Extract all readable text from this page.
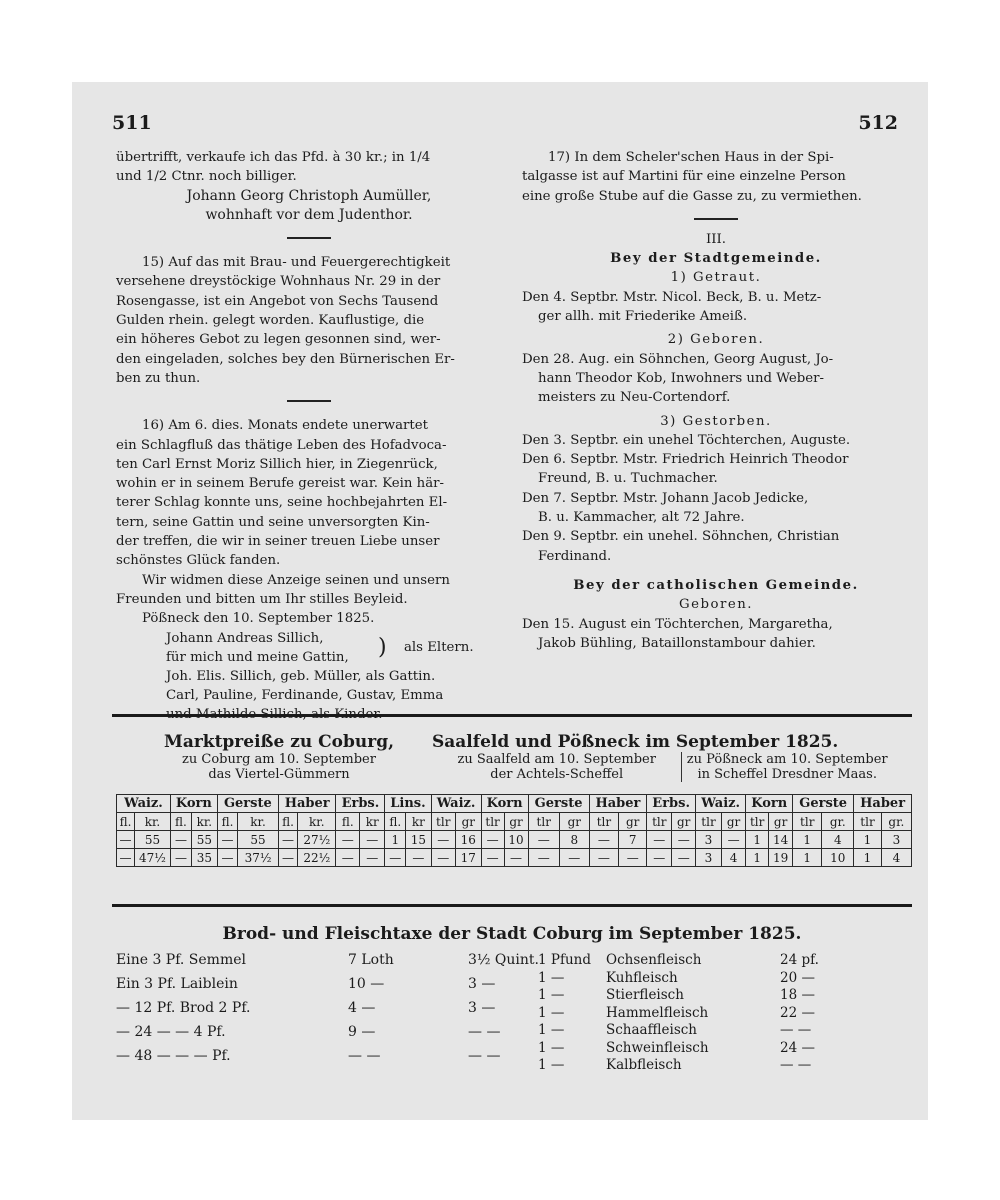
511	512

übertrifft, verkaufe ich das Pfd. à 30 kr.; in 1/4

und 1/2 Ctnr. noch billiger.

Johann Georg Christoph Aumüller,

wohnhaft vor dem Judenthor.

15) Auf das mit Brau- und Feuergerechtigkeit

versehene dreystöckige Wohnhaus Nr. 29 in der

Rosengasse, ist ein Angebot von Sechs Tausend

Gulden rhein. gelegt worden. Kauflustige, die

ein höheres Gebot zu legen gesonnen sind, wer-

den eingeladen, solches bey den Bürnerischen Er-

ben zu thun.

16) Am 6. dies. Monats endete unerwartet

ein Schlagfluß das thätige Leben des Hofadvoca-

ten Carl Ernst Moriz Sillich hier, in Ziegenrück,

wohin er in seinem Berufe gereist war. Kein här-

terer Schlag konnte uns, seine hochbejahrten El-

tern, seine Gattin und seine unversorgten Kin-

der treffen, die wir in seiner treuen Liebe unser

schönstes Glück fanden.

Wir widmen diese Anzeige seinen und unsern

Freunden und bitten um Ihr stilles Beyleid.

Pößneck den 10. September 1825.

Johann Andreas Sillich,
für mich und meine Gattin, ) als Eltern.

Joh. Elis. Sillich, geb. Müller, als Gattin.

Carl, Pauline, Ferdinande, Gustav, Emma

und Mathilde Sillich, als Kinder.

17) In dem Scheler'schen Haus in der Spi-

talgasse ist auf Martini für eine einzelne Person

eine große Stube auf die Gasse zu, zu vermiethen.

III.

Bey der Stadtgemeinde.

1) Getraut.

Den 4. Septbr. Mstr. Nicol. Beck, B. u. Metz-

ger allh. mit Friederike Ameiß.

2) Geboren.

Den 28. Aug. ein Söhnchen, Georg August, Jo-

hann Theodor Kob, Inwohners und Weber-

meisters zu Neu-Cortendorf.

3) Gestorben.

Den 3. Septbr. ein unehel Töchterchen, Auguste.

Den 6. Septbr. Mstr. Friedrich Heinrich Theodor

Freund, B. u. Tuchmacher.

Den 7. Septbr. Mstr. Johann Jacob Jedicke,

B. u. Kammacher, alt 72 Jahre.

Den 9. Septbr. ein unehel. Söhnchen, Christian

Ferdinand.

Bey der catholischen Gemeinde.

Geboren.

Den 15. August ein Töchterchen, Margaretha,

Jakob Bühling, Bataillonstambour dahier.

Marktpreiße zu Coburg,
zu Coburg am 10. September
das Viertel-Gümmern
Saalfeld und Pößneck im September 1825.
zu Saalfeld am 10. September
der Achtels-Scheffel
zu Pößneck am 10. September
in Scheffel Dresdner Maas.
Waiz.		Korn		Gerste		Haber		Erbs.		Lins.		Waiz.		Korn		Gerste		Haber		Erbs.		Waiz.		Korn		Gerste		Haber	
fl.	kr.	fl.	kr.	fl.	kr.	fl.	kr.	fl.	kr	fl.	kr	tlr	gr	tlr	gr	tlr	gr	tlr	gr	tlr	gr	tlr	gr	tlr	gr	tlr	gr.	tlr	gr.
—	55	—	55	—	55	—	27½	—	—	1	15	—	16	—	10	—	8	—	7	—	—	3	—	1	14	1	4	1	3
—	47½	—	35	—	37½	—	22½	—	—	—	—	—	17	—	—	—	—	—	—	—	—	3	4	1	19	1	10	1	4
Brod- und Fleischtaxe der Stadt Coburg im September 1825.
Eine 3 Pf. Semmel	7 Loth	3½ Quint.
Ein 3 Pf. Laiblein	10 —	3 —
— 12 Pf. Brod 2 Pf.	4 —	3 —
— 24 — — 4 Pf.	9 —	— —
— 48 — — — Pf.	— —	— —
1 Pfund Ochsenfleisch	24 pf.
1 —	Kuhfleisch	20 —
1 —	Stierfleisch	18 —
1 —	Hammelfleisch	22 —
1 —	Schaaffleisch	— —
1 —	Schweinfleisch	24 —
1 —	Kalbfleisch	— —
